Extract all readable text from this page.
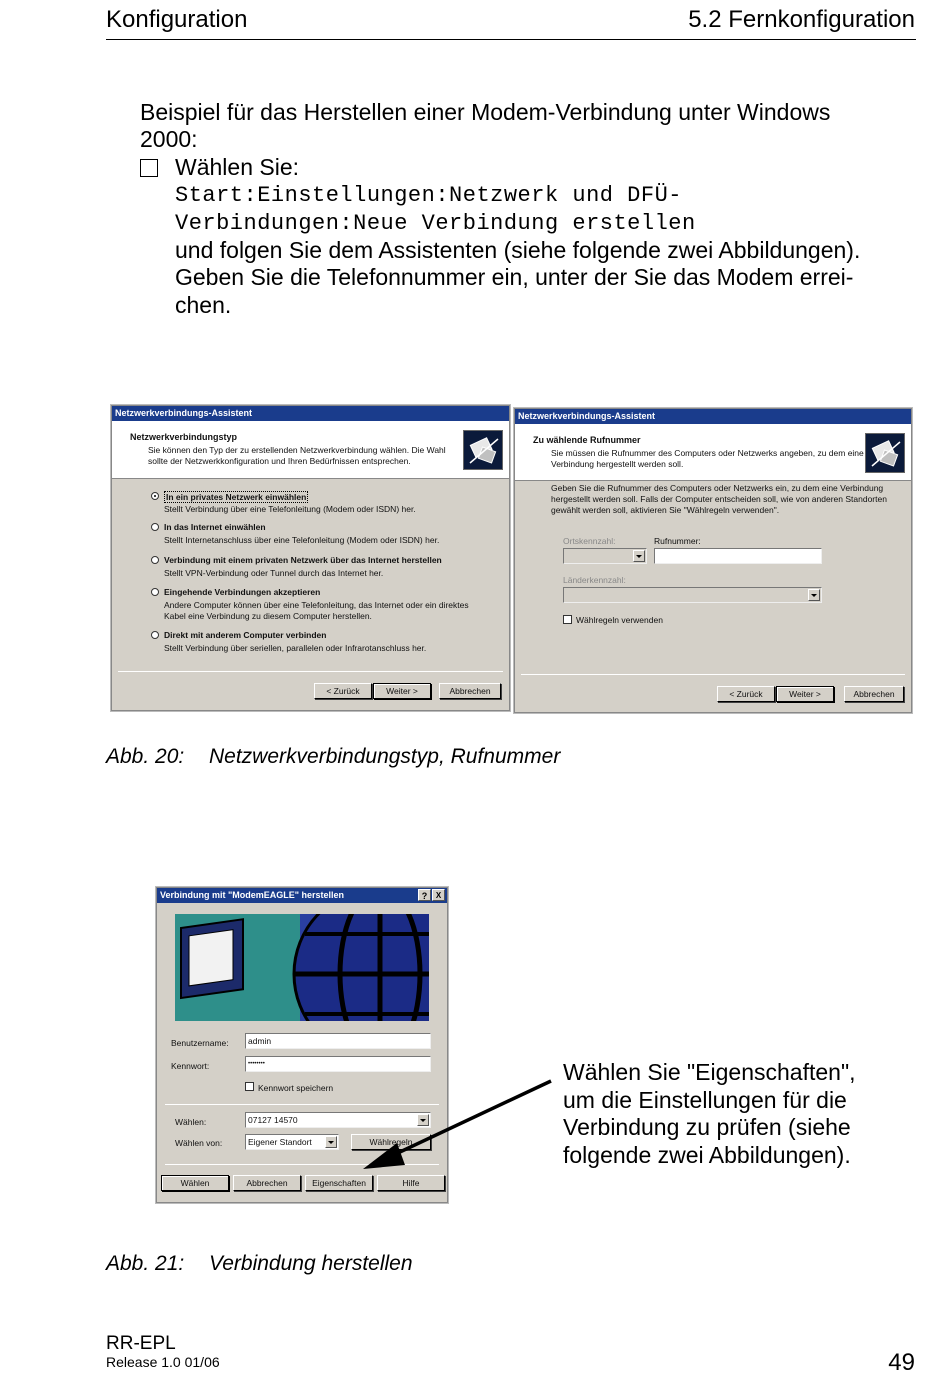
Konfiguration	5.2 Fernkonfiguration
Beispiel für das Herstellen einer Modem-Verbindung unter Windows
2000:
Wählen Sie:
Start:Einstellungen:Netzwerk und DFÜ-
Verbindungen:Neue Verbindung erstellen
und folgen Sie dem Assistenten (siehe folgende zwei Abbildungen).
Geben Sie die Telefonnummer ein, unter der Sie das Modem errei-
chen.
Netzwerkverbindungs-Assistent
Netzwerkverbindungstyp
Sie können den Typ der zu erstellenden Netzwerkverbindung wählen. Die Wahl
sollte der Netzwerkkonfiguration und Ihren Bedürfnissen entsprechen.
In ein privates Netzwerk einwählen
Stellt Verbindung über eine Telefonleitung (Modem oder ISDN) her.
In das Internet einwählen
Stellt Internetanschluss über eine Telefonleitung (Modem oder ISDN) her.
Verbindung mit einem privaten Netzwerk über das Internet herstellen
Stellt VPN-Verbindung oder Tunnel durch das Internet her.
Eingehende Verbindungen akzeptieren
Andere Computer können über eine Telefonleitung, das Internet oder ein direktes
Kabel eine Verbindung zu diesem Computer herstellen.
Direkt mit anderem Computer verbinden
Stellt Verbindung über seriellen, parallelen oder Infrarotanschluss her.
< Zurück	Weiter >	Abbrechen
Netzwerkverbindungs-Assistent
Zu wählende Rufnummer
Sie müssen die Rufnummer des Computers oder Netzwerks angeben, zu dem eine
Verbindung hergestellt werden soll.
Geben Sie die Rufnummer des Computers oder Netzwerks ein, zu dem eine Verbindung
hergestellt werden soll. Falls der Computer entscheiden soll, wie von anderen Standorten
gewählt werden soll, aktivieren Sie "Wählregeln verwenden".
Ortskennzahl:	Rufnummer:
Länderkennzahl:
Wählregeln verwenden
< Zurück	Weiter >	Abbrechen
Abb. 20: Netzwerkverbindungstyp, Rufnummer
Verbindung mit "ModemEAGLE" herstellen	?	X
Benutzername:	admin
Kennwort:	••••••••
Kennwort speichern
Wählen:	07127 14570
Wählen von:	Eigener Standort	Wählregeln
Wählen	Abbrechen	Eigenschaften	Hilfe
Wählen Sie "Eigenschaften",
um die Einstellungen für die
Verbindung zu prüfen (siehe
folgende zwei Abbildungen).
Abb. 21: Verbindung herstellen
RR-EPL
Release 1.0 01/06	49
